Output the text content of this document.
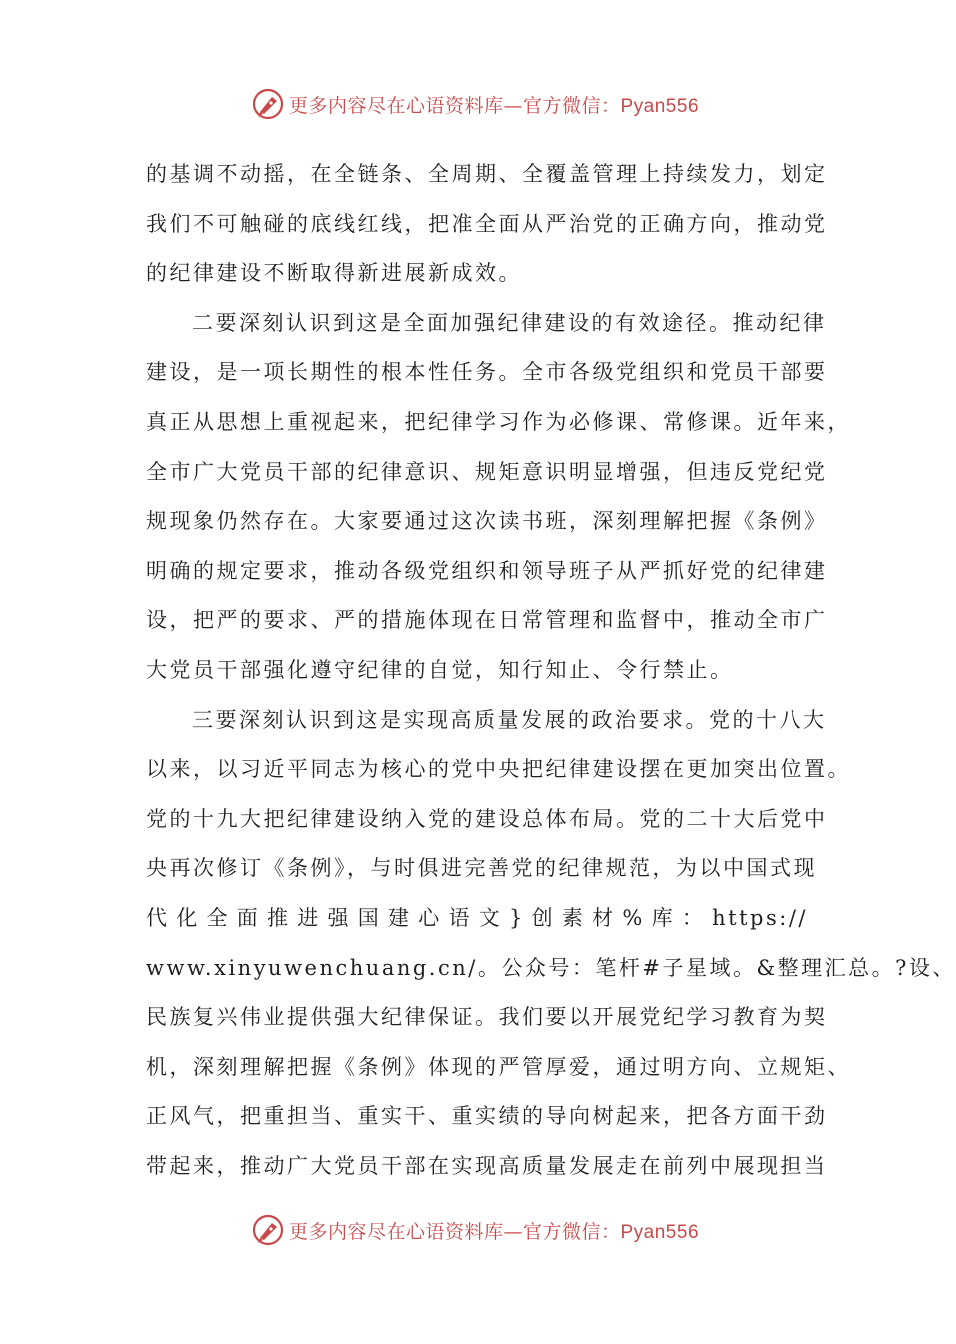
更多内容尽在心语资料库—官方微信：Pyan556
的基调不动摇，在全链条、全周期、全覆盖管理上持续发力，划定
我们不可触碰的底线红线，把准全面从严治党的正确方向，推动党
的纪律建设不断取得新进展新成效。
二要深刻认识到这是全面加强纪律建设的有效途径。推动纪律
建设，是一项长期性的根本性任务。全市各级党组织和党员干部要
真正从思想上重视起来，把纪律学习作为必修课、常修课。近年来，
全市广大党员干部的纪律意识、规矩意识明显增强，但违反党纪党
规现象仍然存在。大家要通过这次读书班，深刻理解把握《条例》
明确的规定要求，推动各级党组织和领导班子从严抓好党的纪律建
设，把严的要求、严的措施体现在日常管理和监督中，推动全市广
大党员干部强化遵守纪律的自觉，知行知止、令行禁止。
三要深刻认识到这是实现高质量发展的政治要求。党的十八大
以来，以习近平同志为核心的党中央把纪律建设摆在更加突出位置。
党的十九大把纪律建设纳入党的建设总体布局。党的二十大后党中
央再次修订《条例》，与时俱进完善党的纪律规范，为以中国式现
代化全面推进强国建心语文}创素材%库：https://
www.xinyuwenchuang.cn/。公众号：笔杆#子星域。&整理汇总。?设、
民族复兴伟业提供强大纪律保证。我们要以开展党纪学习教育为契
机，深刻理解把握《条例》体现的严管厚爱，通过明方向、立规矩、
正风气，把重担当、重实干、重实绩的导向树起来，把各方面干劲
带起来，推动广大党员干部在实现高质量发展走在前列中展现担当
更多内容尽在心语资料库—官方微信：Pyan556
